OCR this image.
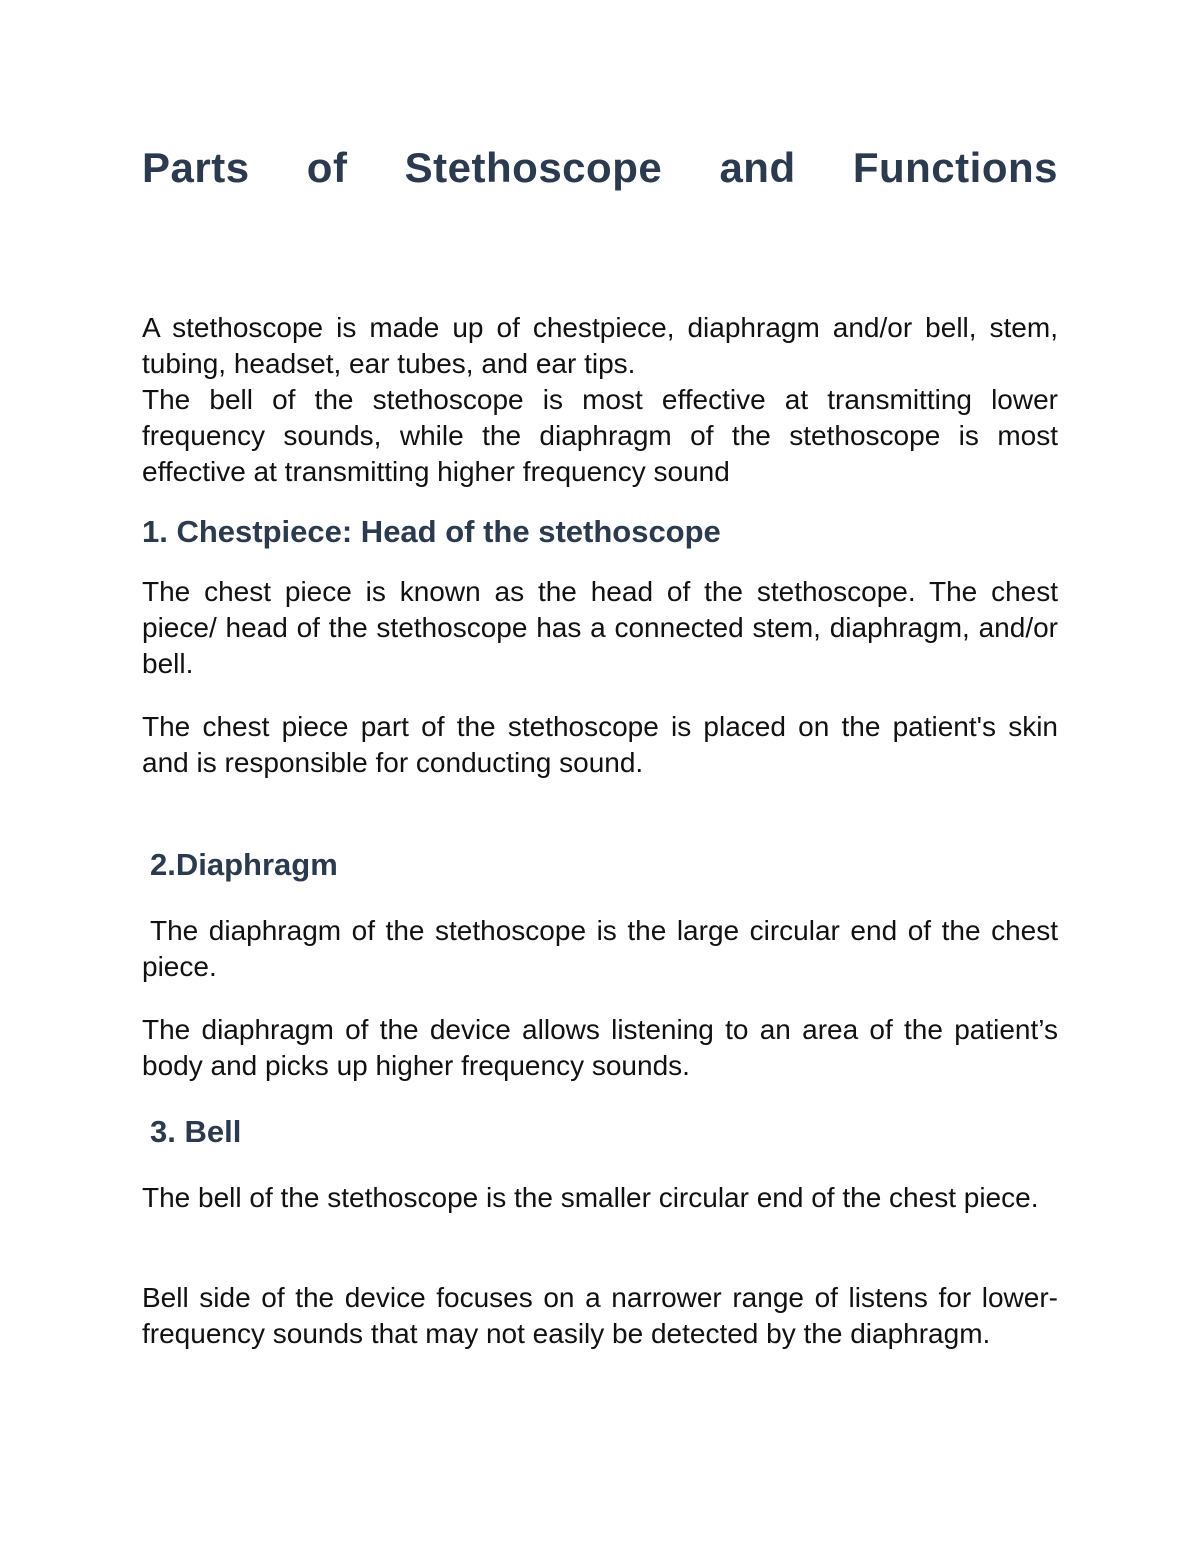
Parts of Stethoscope and Functions

A stethoscope is made up of chestpiece, diaphragm and/or bell, stem, tubing, headset, ear tubes, and ear tips.

The bell of the stethoscope is most effective at transmitting lower frequency sounds, while the diaphragm of the stethoscope is most effective at transmitting higher frequency sound

1. Chestpiece: Head of the stethoscope

The chest piece is known as the head of the stethoscope. The chest piece/ head of the stethoscope has a connected stem, diaphragm, and/or bell.

The chest piece part of the stethoscope is placed on the patient's skin and is responsible for conducting sound.

2.Diaphragm

The diaphragm of the stethoscope is the large circular end of the chest piece.

The diaphragm of the device allows listening to an area of the patient’s body and picks up higher frequency sounds.

3. Bell

The bell of the stethoscope is the smaller circular end of the chest piece.

Bell side of the device focuses on a narrower range of listens for lower-frequency sounds that may not easily be detected by the diaphragm.
